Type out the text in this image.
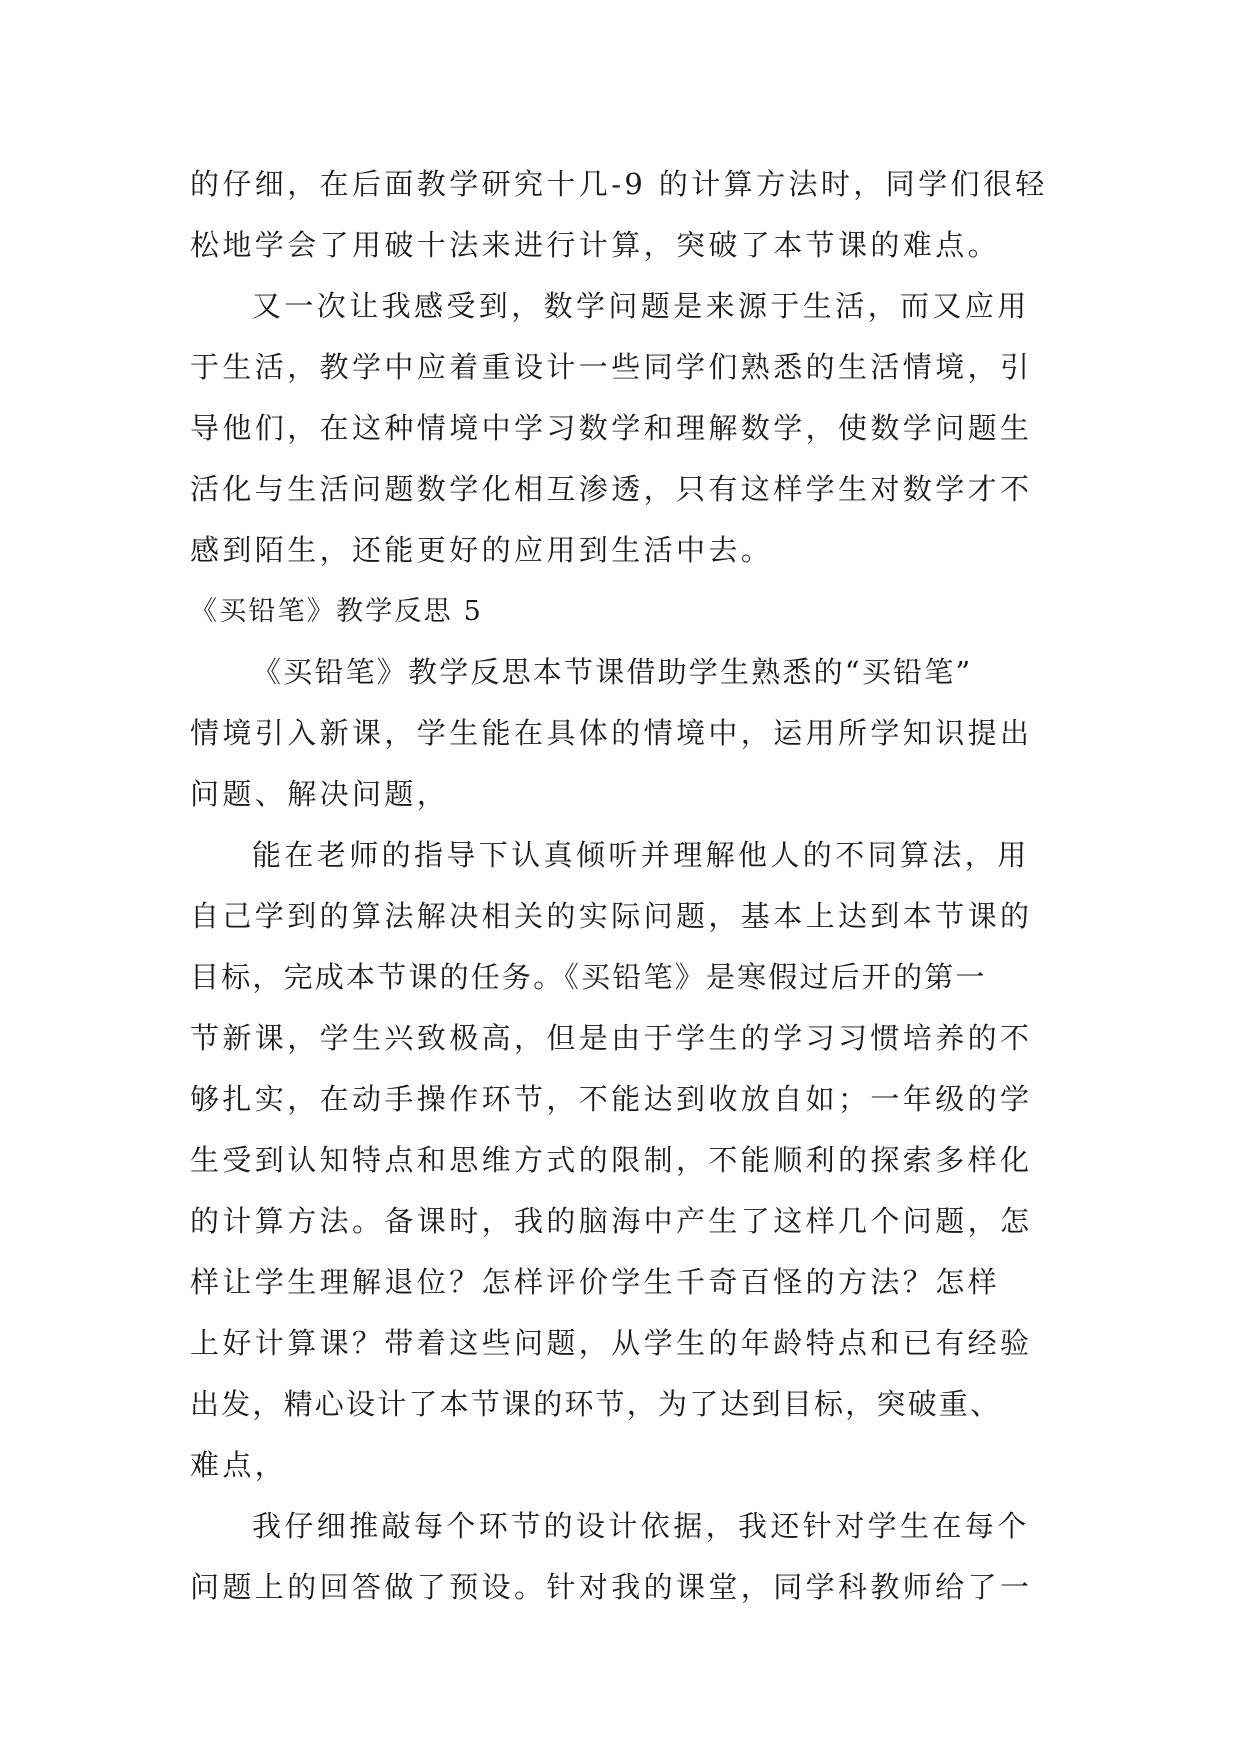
的仔细，在后面教学研究十几-9 的计算方法时，同学们很轻
松地学会了用破十法来进行计算，突破了本节课的难点。
又一次让我感受到，数学问题是来源于生活，而又应用
于生活，教学中应着重设计一些同学们熟悉的生活情境，引
导他们，在这种情境中学习数学和理解数学，使数学问题生
活化与生活问题数学化相互渗透，只有这样学生对数学才不
感到陌生，还能更好的应用到生活中去。
《买铅笔》教学反思 5
《买铅笔》教学反思本节课借助学生熟悉的“买铅笔”
情境引入新课，学生能在具体的情境中，运用所学知识提出
问题、解决问题，
能在老师的指导下认真倾听并理解他人的不同算法，用
自己学到的算法解决相关的实际问题，基本上达到本节课的
目标，完成本节课的任务。《买铅笔》是寒假过后开的第一
节新课，学生兴致极高，但是由于学生的学习习惯培养的不
够扎实，在动手操作环节，不能达到收放自如；一年级的学
生受到认知特点和思维方式的限制，不能顺利的探索多样化
的计算方法。备课时，我的脑海中产生了这样几个问题，怎
样让学生理解退位？怎样评价学生千奇百怪的方法？怎样
上好计算课？带着这些问题，从学生的年龄特点和已有经验
出发，精心设计了本节课的环节，为了达到目标，突破重、
难点，
我仔细推敲每个环节的设计依据，我还针对学生在每个
问题上的回答做了预设。针对我的课堂，同学科教师给了一
